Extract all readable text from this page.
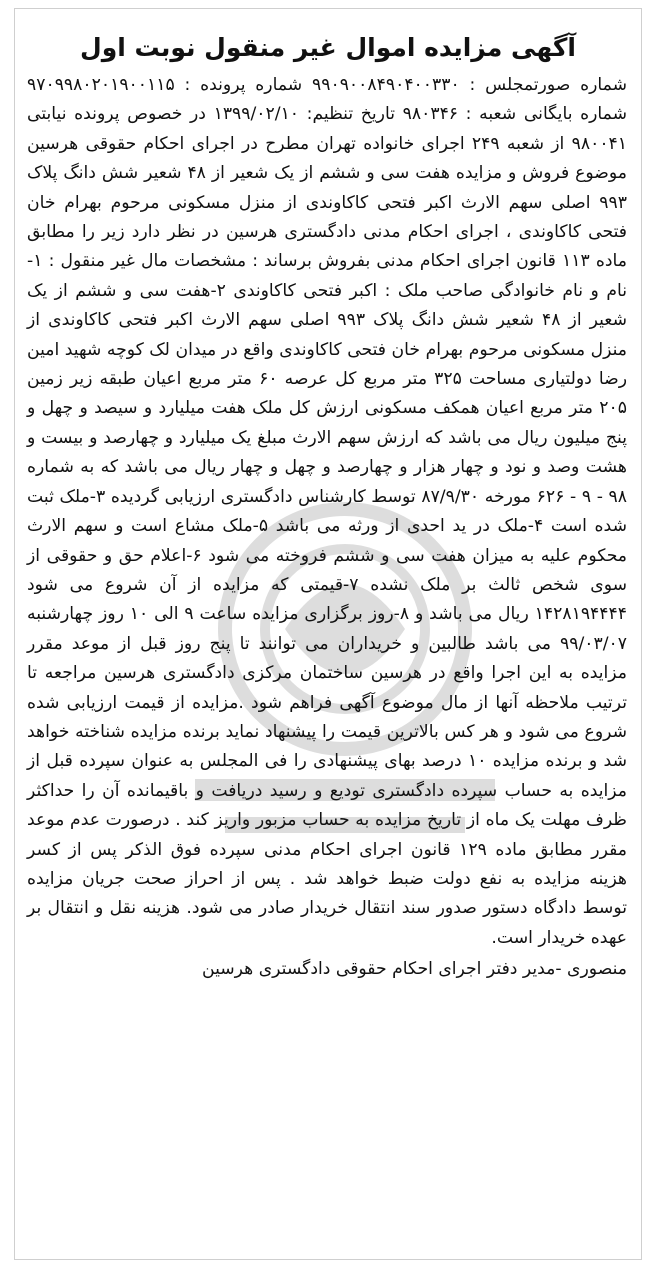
آگهی مزایده اموال غیر منقول نوبت اول

شماره صورتمجلس : ۹۹۰۹۰۰۸۴۹۰۴۰۰۳۳۰ شماره پرونده : ۹۷۰۹۹۸۰۲۰۱۹۰۰۱۱۵ شماره بایگانی شعبه : ۹۸۰۳۴۶ تاریخ تنظیم: ۱۳۹۹/۰۲/۱۰ در خصوص پرونده نیابتی ۹۸۰۰۴۱ از شعبه ۲۴۹ اجرای خانواده تهران مطرح در اجرای احکام حقوقی هرسین موضوع فروش و مزایده هفت سی و ششم از یک شعیر از ۴۸ شعیر شش دانگ پلاک ۹۹۳ اصلی سهم الارث اکبر فتحی کاکاوندی از منزل مسکونی مرحوم بهرام خان فتحی کاکاوندی ، اجرای احکام مدنی دادگستری هرسین در نظر دارد زیر را مطابق ماده ۱۱۳ قانون اجرای احکام مدنی بفروش برساند : مشخصات مال غیر منقول : ۱-نام و نام خانوادگی صاحب ملک : اکبر فتحی کاکاوندی ۲-هفت سی و ششم از یک شعیر از ۴۸ شعیر شش دانگ پلاک ۹۹۳ اصلی سهم الارث اکبر فتحی کاکاوندی از منزل مسکونی مرحوم بهرام خان فتحی کاکاوندی واقع در میدان لک کوچه شهید امین رضا دولتیاری مساحت ۳۲۵ متر مربع کل عرصه ۶۰ متر مربع اعیان طبقه زیر زمین ۲۰۵ متر مربع اعیان همکف مسکونی ارزش کل ملک هفت میلیارد و سیصد و چهل و پنج میلیون ریال می باشد که ارزش سهم الارث مبلغ یک میلیارد و چهارصد و بیست و هشت وصد و نود و چهار هزار و چهارصد و چهل و چهار ریال می باشد که به شماره ۹۸ - ۹ - ۶۲۶ مورخه ۸۷/۹/۳۰ توسط کارشناس دادگستری ارزیابی گردیده ۳-ملک ثبت شده است ۴-ملک در ید احدی از ورثه می باشد ۵-ملک مشاع است و سهم الارث محکوم علیه به میزان هفت سی و ششم فروخته می شود ۶-اعلام حق و حقوقی از سوی شخص ثالث بر ملک نشده ۷-قیمتی که مزایده از آن شروع می شود ۱۴۲۸۱۹۴۴۴۴ ریال می باشد و ۸-روز برگزاری مزایده ساعت ۹ الی ۱۰ روز چهارشنبه ۹۹/۰۳/۰۷ می باشد طالبین و خریداران می توانند تا پنج روز قبل از موعد مقرر مزایده به این اجرا واقع در هرسین ساختمان مرکزی دادگستری هرسین مراجعه تا ترتیب ملاحظه آنها از مال موضوع آگهی فراهم شود .مزایده از قیمت ارزیابی شده شروع می شود و هر کس بالاترین قیمت را پیشنهاد نماید برنده مزایده شناخته خواهد شد و برنده مزایده ۱۰ درصد بهای پیشنهادی را فی المجلس به عنوان سپرده قبل از مزایده به حساب سپرده دادگستری تودیع و رسید دریافت و باقیمانده آن را حداکثر ظرف مهلت یک ماه از تاریخ مزایده به حساب مزبور واریز کند . درصورت عدم موعد مقرر مطابق ماده ۱۲۹ قانون اجرای احکام مدنی سپرده فوق الذکر پس از کسر هزینه مزایده به نفع دولت ضبط خواهد شد . پس از احراز صحت جریان مزایده توسط دادگاه دستور صدور سند انتقال خریدار صادر می شود. هزینه نقل و انتقال بر عهده خریدار است.

منصوری -مدیر دفتر اجرای احکام حقوقی دادگستری هرسین
